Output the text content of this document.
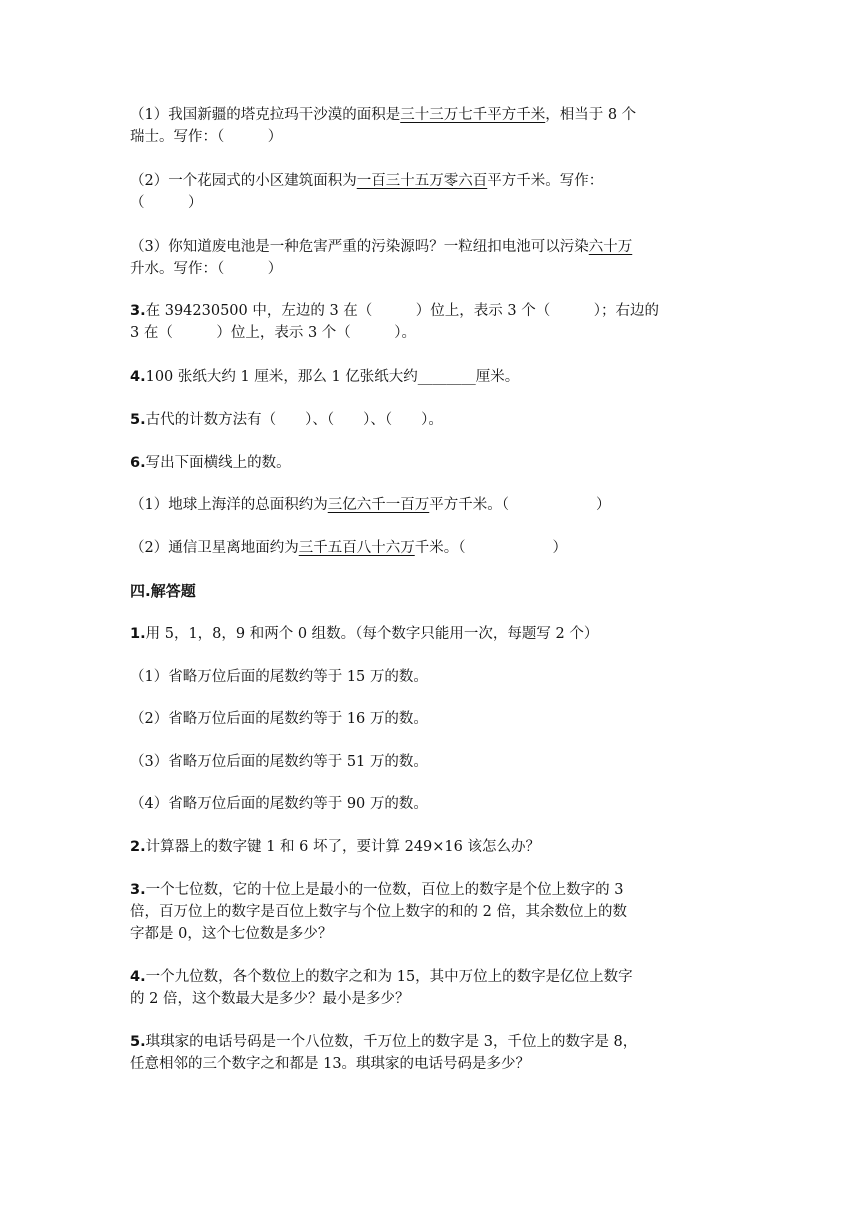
（1）我国新疆的塔克拉玛干沙漠的面积是三十三万七千平方千米，相当于 8 个

瑞士。写作：（　　　）

（2）一个花园式的小区建筑面积为一百三十五万零六百平方千米。写作：

（　　　）

（3）你知道废电池是一种危害严重的污染源吗？一粒纽扣电池可以污染六十万

升水。写作：（　　　）

3.在 394230500 中，左边的 3 在（　　　）位上，表示 3 个（　　　）；右边的

3 在（　　　）位上，表示 3 个（　　　）。

4.100 张纸大约 1 厘米，那么 1 亿张纸大约________厘米。

5.古代的计数方法有（　　）、（　　）、（　　）。

6.写出下面横线上的数。

（1）地球上海洋的总面积约为三亿六千一百万平方千米。（　　　　　　）

（2）通信卫星离地面约为三千五百八十六万千米。（　　　　　　）

四.解答题

1.用 5，1，8，9 和两个 0 组数。（每个数字只能用一次，每题写 2 个）

（1）省略万位后面的尾数约等于 15 万的数。

（2）省略万位后面的尾数约等于 16 万的数。

（3）省略万位后面的尾数约等于 51 万的数。

（4）省略万位后面的尾数约等于 90 万的数。

2.计算器上的数字键 1 和 6 坏了，要计算 249×16 该怎么办？

3.一个七位数，它的十位上是最小的一位数，百位上的数字是个位上数字的 3

倍，百万位上的数字是百位上数字与个位上数字的和的 2 倍，其余数位上的数

字都是 0，这个七位数是多少？

4.一个九位数，各个数位上的数字之和为 15，其中万位上的数字是亿位上数字

的 2 倍，这个数最大是多少？最小是多少？

5.琪琪家的电话号码是一个八位数，千万位上的数字是 3，千位上的数字是 8，

任意相邻的三个数字之和都是 13。琪琪家的电话号码是多少？
